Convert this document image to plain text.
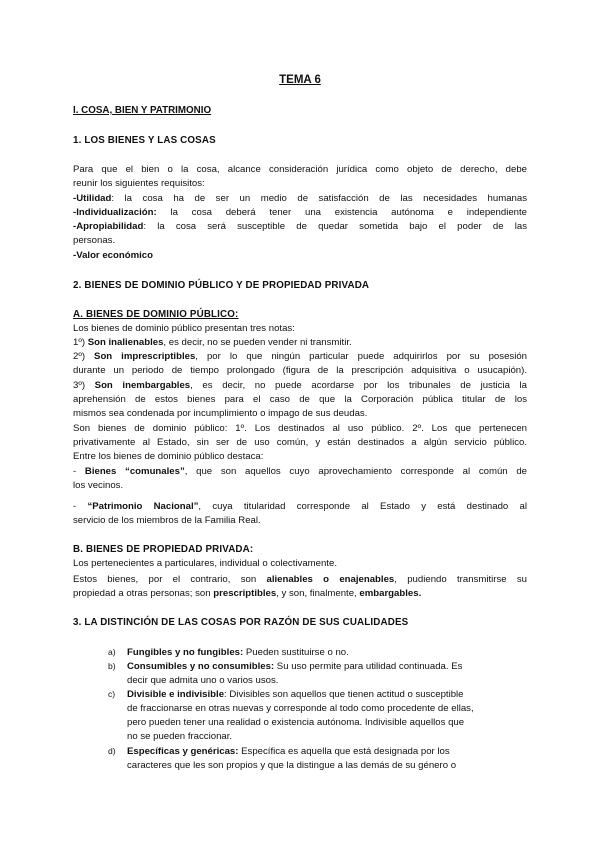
TEMA 6
I. COSA, BIEN Y PATRIMONIO
1. LOS BIENES Y LAS COSAS
Para que el bien o la cosa, alcance consideración jurídica como objeto de derecho, debe
reunir los siguientes requisitos:
-Utilidad: la cosa ha de ser un medio de satisfacción de las necesidades humanas
-Individualización: la cosa deberá tener una existencia autónoma e independiente
-Apropiabilidad: la cosa será susceptible de quedar sometida bajo el poder de las
personas.
-Valor económico
2. BIENES DE DOMINIO PÚBLICO Y DE PROPIEDAD PRIVADA
A. BIENES DE DOMINIO PÚBLICO:
Los bienes de dominio público presentan tres notas:
1º) Son inalienables, es decir, no se pueden vender ni transmitir.
2º) Son imprescriptibles, por lo que ningún particular puede adquirirlos por su posesión
durante un periodo de tiempo prolongado (figura de la prescripción adquisitiva o usucapión).
3º) Son inembargables, es decir, no puede acordarse por los tribunales de justicia la
aprehensión de estos bienes para el caso de que la Corporación pública titular de los
mismos sea condenada por incumplimiento o impago de sus deudas.
Son bienes de dominio público: 1º. Los destinados al uso público. 2º. Los que pertenecen
privativamente al Estado, sin ser de uso común, y están destinados a algún servicio público.
Entre los bienes de dominio público destaca:
- Bienes “comunales”, que son aquellos cuyo aprovechamiento corresponde al común de
los vecinos.
- “Patrimonio Nacional”, cuya titularidad corresponde al Estado y está destinado al
servicio de los miembros de la Familia Real.
B. BIENES DE PROPIEDAD PRIVADA:
Los pertenecientes a particulares, individual o colectivamente.
Estos bienes, por el contrario, son alienables o enajenables, pudiendo transmitirse su
propiedad a otras personas; son prescriptibles, y son, finalmente, embargables.
3. LA DISTINCIÓN DE LAS COSAS POR RAZÓN DE SUS CUALIDADES
a) Fungibles y no fungibles: Pueden sustituirse o no.
b) Consumibles y no consumibles: Su uso permite para utilidad continuada. Es
decir que admita uno o varios usos.
c) Divisible e indivisible: Divisibles son aquellos que tienen actitud o susceptible
de fraccionarse en otras nuevas y corresponde al todo como procedente de ellas,
pero pueden tener una realidad o existencia autónoma. Indivisible aquellos que
no se pueden fraccionar.
d) Específicas y genéricas: Específica es aquella que está designada por los
caracteres que les son propios y que la distingue a las demás de su género o
